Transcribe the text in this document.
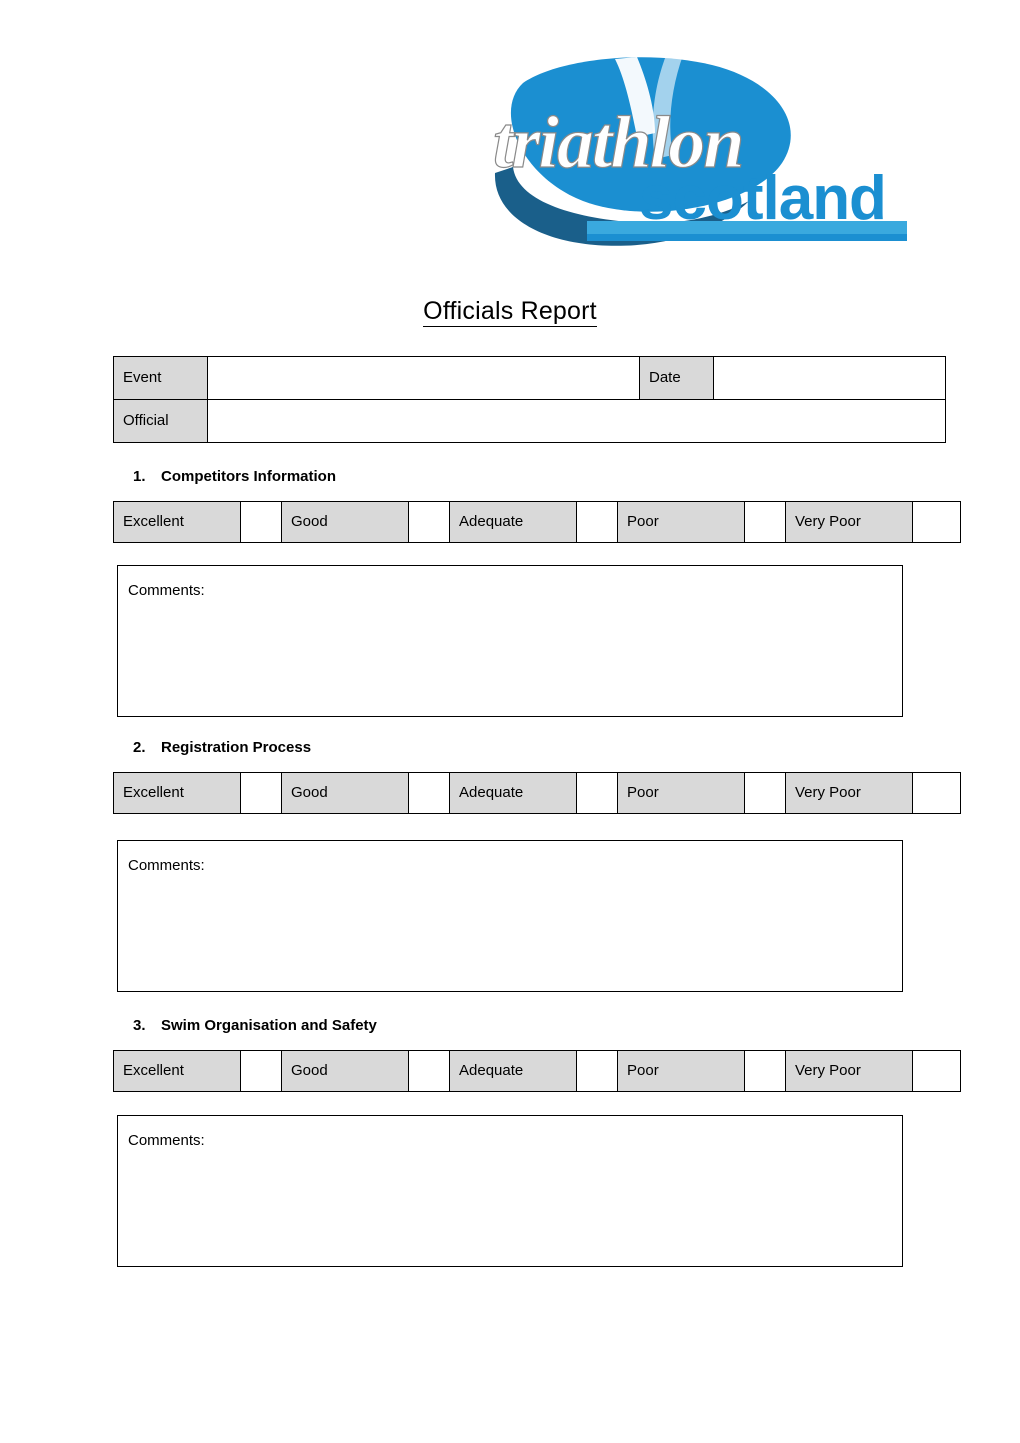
triathlon
scotland
Officials Report
Event		Date	
Official			
1. Competitors Information
Excellent		Good		Adequate		Poor		Very Poor	
Comments:
2. Registration Process
Excellent		Good		Adequate		Poor		Very Poor	
Comments:
3. Swim Organisation and Safety
Excellent		Good		Adequate		Poor		Very Poor	
Comments:
